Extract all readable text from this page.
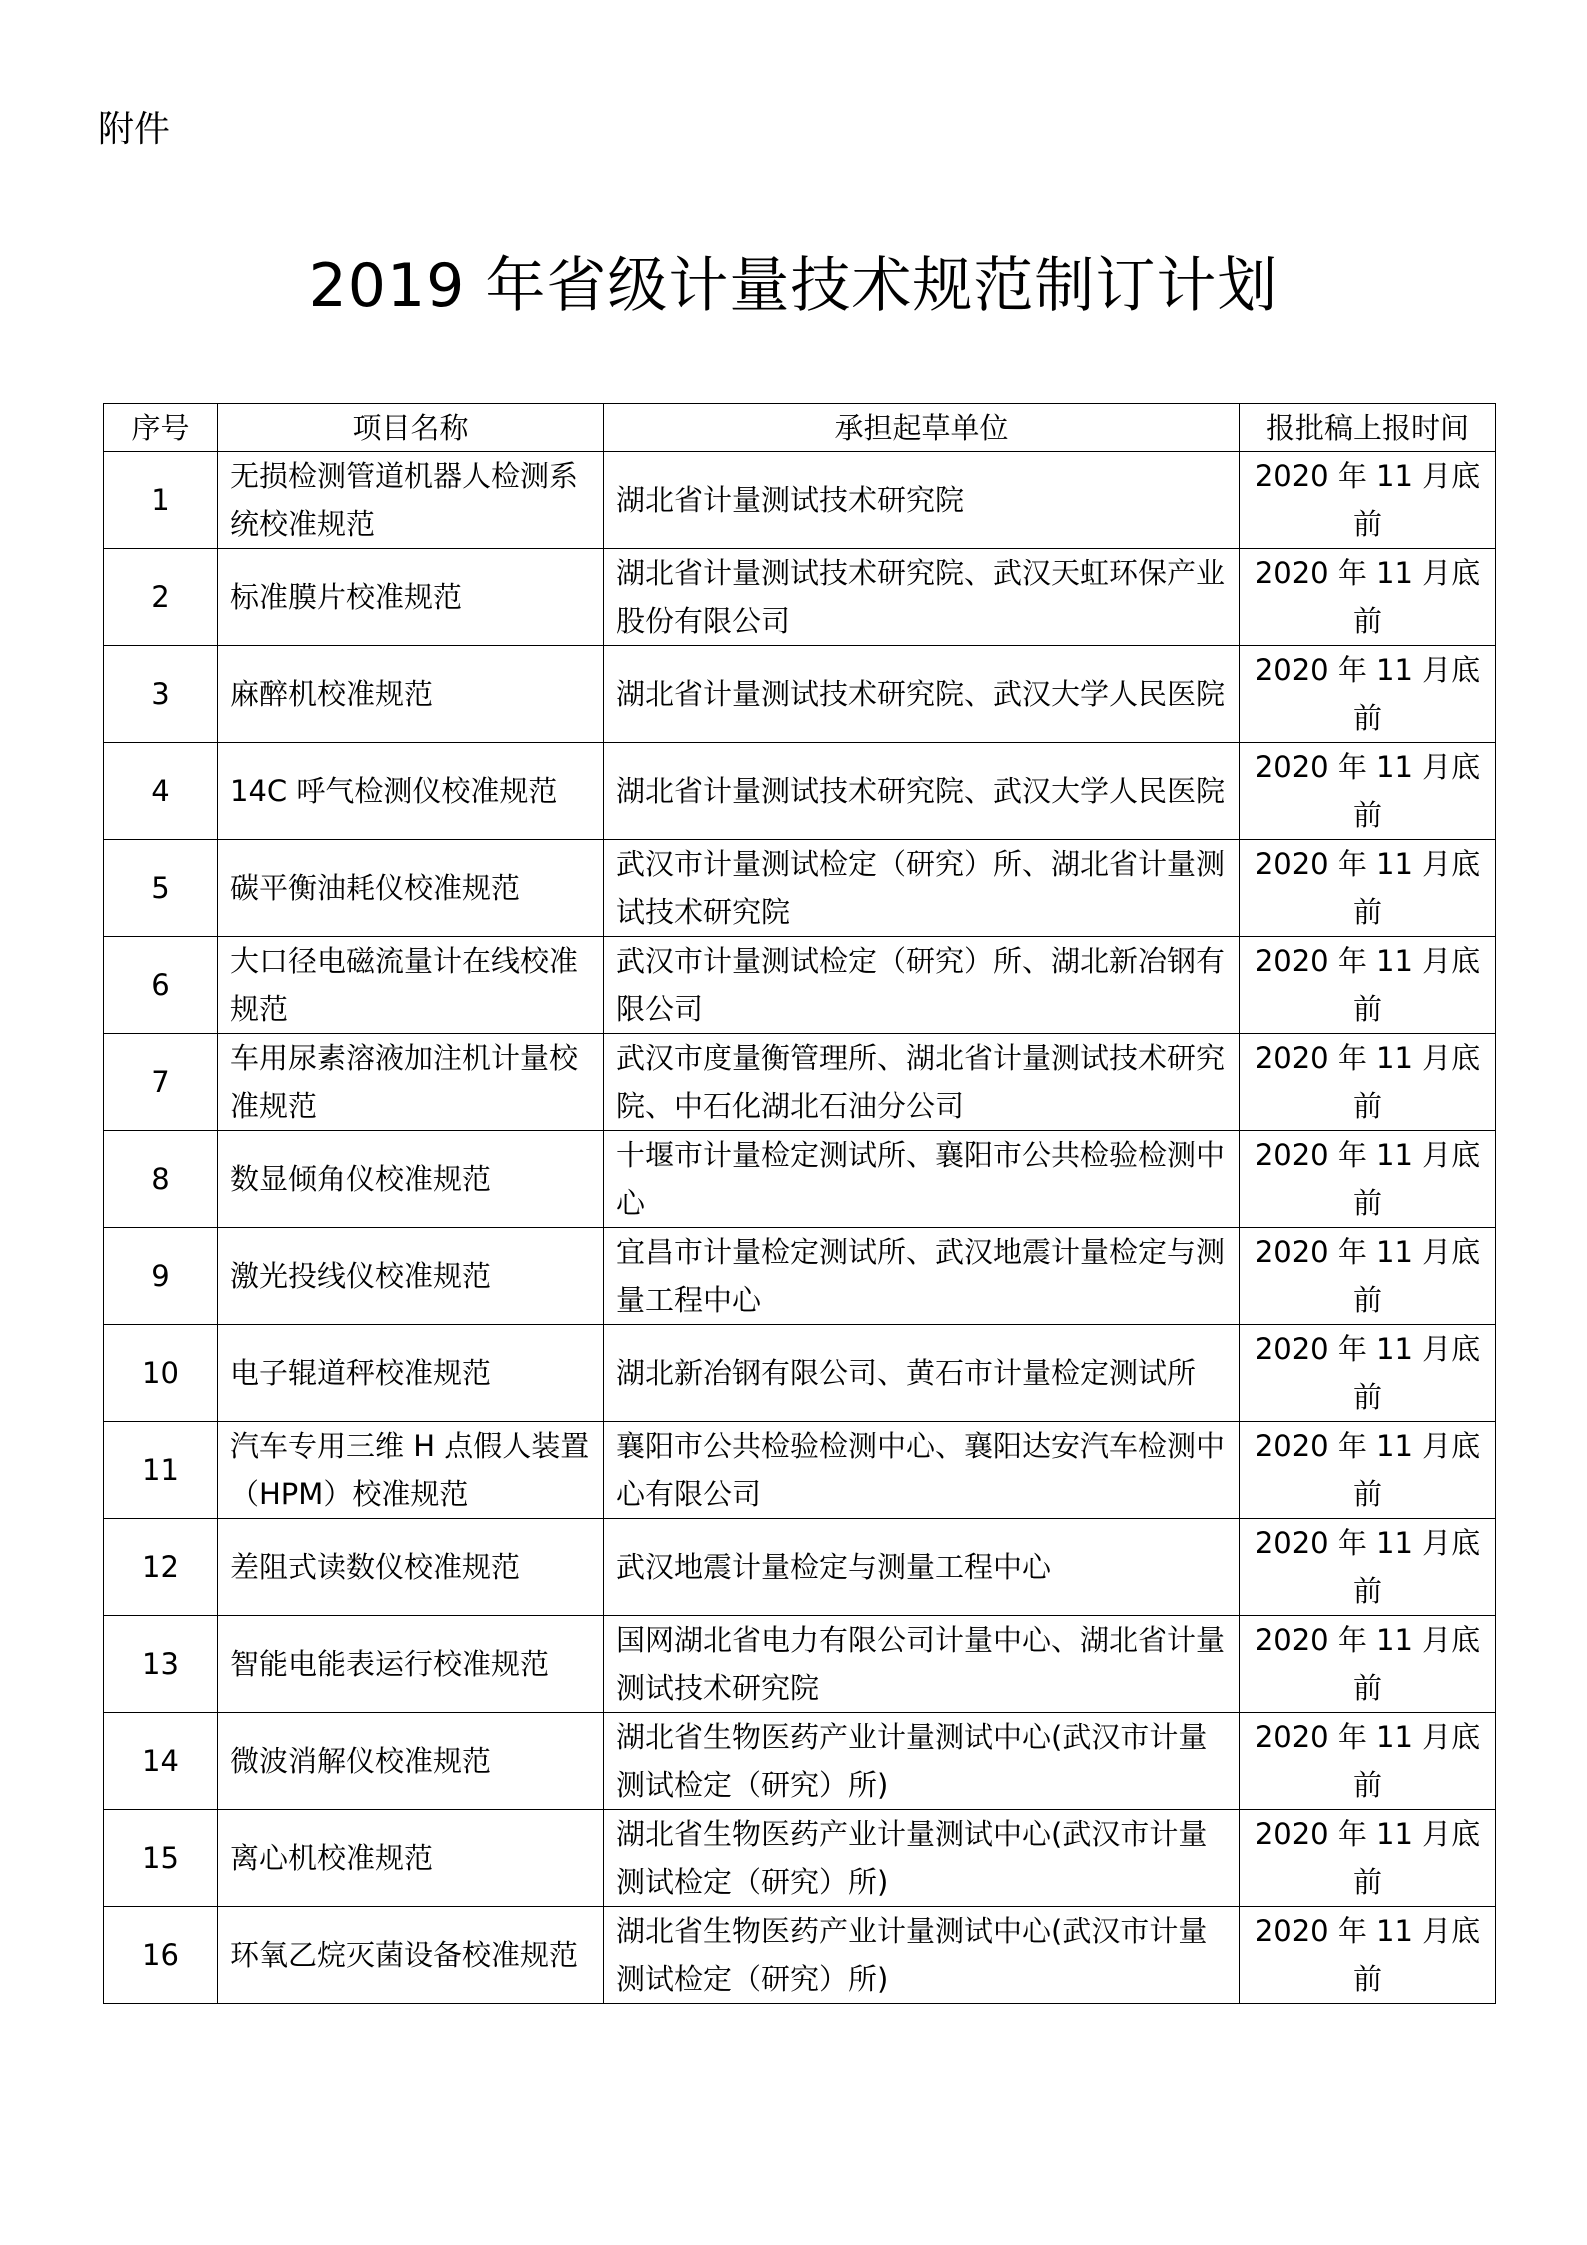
附件
2019 年省级计量技术规范制订计划
序号	项目名称	承担起草单位	报批稿上报时间
1	无损检测管道机器人检测系统校准规范	湖北省计量测试技术研究院	2020 年 11 月底前
2	标准膜片校准规范	湖北省计量测试技术研究院、武汉天虹环保产业股份有限公司	2020 年 11 月底前
3	麻醉机校准规范	湖北省计量测试技术研究院、武汉大学人民医院	2020 年 11 月底前
4	14C 呼气检测仪校准规范	湖北省计量测试技术研究院、武汉大学人民医院	2020 年 11 月底前
5	碳平衡油耗仪校准规范	武汉市计量测试检定（研究）所、湖北省计量测试技术研究院	2020 年 11 月底前
6	大口径电磁流量计在线校准规范	武汉市计量测试检定（研究）所、湖北新冶钢有限公司	2020 年 11 月底前
7	车用尿素溶液加注机计量校准规范	武汉市度量衡管理所、湖北省计量测试技术研究院、中石化湖北石油分公司	2020 年 11 月底前
8	数显倾角仪校准规范	十堰市计量检定测试所、襄阳市公共检验检测中心	2020 年 11 月底前
9	激光投线仪校准规范	宜昌市计量检定测试所、武汉地震计量检定与测量工程中心	2020 年 11 月底前
10	电子辊道秤校准规范	湖北新冶钢有限公司、黄石市计量检定测试所	2020 年 11 月底前
11	汽车专用三维 H 点假人装置（HPM）校准规范	襄阳市公共检验检测中心、襄阳达安汽车检测中心有限公司	2020 年 11 月底前
12	差阻式读数仪校准规范	武汉地震计量检定与测量工程中心	2020 年 11 月底前
13	智能电能表运行校准规范	国网湖北省电力有限公司计量中心、湖北省计量测试技术研究院	2020 年 11 月底前
14	微波消解仪校准规范	湖北省生物医药产业计量测试中心(武汉市计量测试检定（研究）所)	2020 年 11 月底前
15	离心机校准规范	湖北省生物医药产业计量测试中心(武汉市计量测试检定（研究）所)	2020 年 11 月底前
16	环氧乙烷灭菌设备校准规范	湖北省生物医药产业计量测试中心(武汉市计量测试检定（研究）所)	2020 年 11 月底前
